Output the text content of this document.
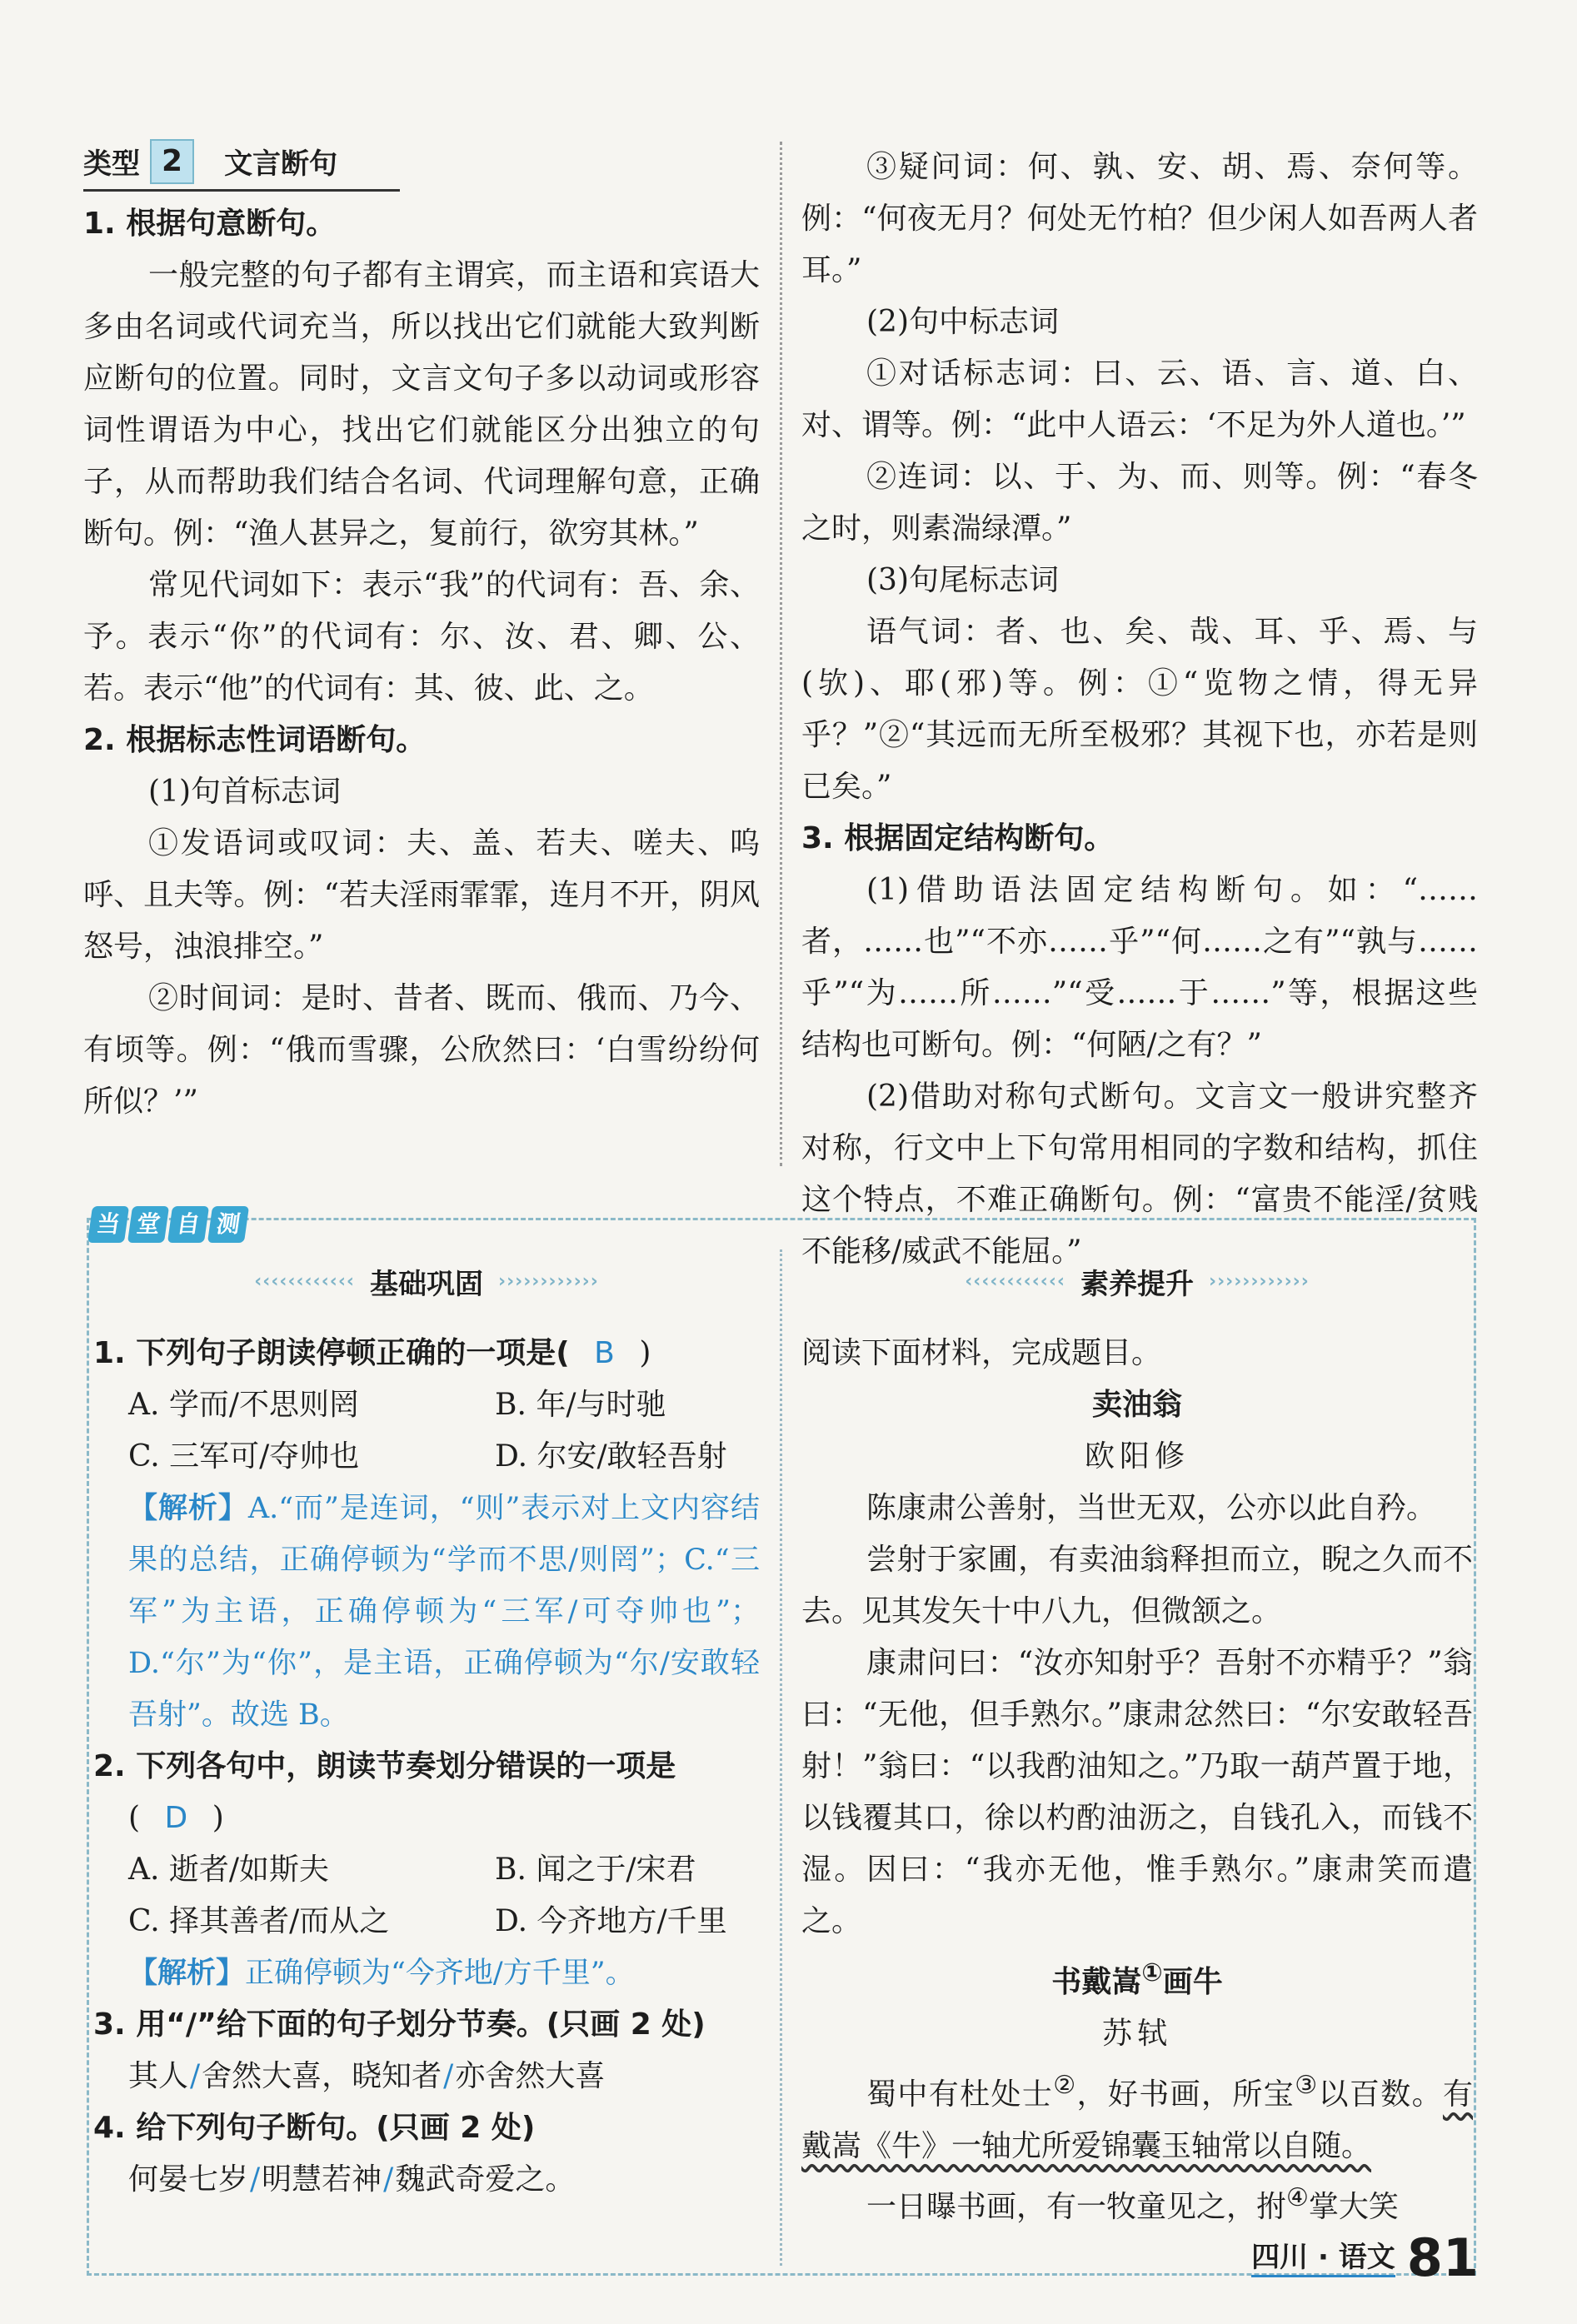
类型 2	文言断句
1. 根据句意断句。
一般完整的句子都有主谓宾，而主语和宾语大多由名词或代词充当，所以找出它们就能大致判断应断句的位置。同时，文言文句子多以动词或形容词性谓语为中心，找出它们就能区分出独立的句子，从而帮助我们结合名词、代词理解句意，正确断句。例：“渔人甚异之，复前行，欲穷其林。”
常见代词如下：表示“我”的代词有：吾、余、予。表示“你”的代词有：尔、汝、君、卿、公、若。表示“他”的代词有：其、彼、此、之。
2. 根据标志性词语断句。
(1)句首标志词
①发语词或叹词：夫、盖、若夫、嗟夫、呜呼、且夫等。例：“若夫淫雨霏霏，连月不开，阴风怒号，浊浪排空。”
②时间词：是时、昔者、既而、俄而、乃今、有顷等。例：“俄而雪骤，公欣然曰：‘白雪纷纷何所似？’”
③疑问词：何、孰、安、胡、焉、奈何等。例：“何夜无月？何处无竹柏？但少闲人如吾两人者耳。”
(2)句中标志词
①对话标志词：曰、云、语、言、道、白、对、谓等。例：“此中人语云：‘不足为外人道也。’”
②连词：以、于、为、而、则等。例：“春冬之时，则素湍绿潭。”
(3)句尾标志词
语气词：者、也、矣、哉、耳、乎、焉、与(欤)、耶(邪)等。例：①“览物之情，得无异乎？”②“其远而无所至极邪？其视下也，亦若是则已矣。”
3. 根据固定结构断句。
(1)借助语法固定结构断句。如：“……者，……也”“不亦……乎”“何……之有”“孰与……乎”“为……所……”“受……于……”等，根据这些结构也可断句。例：“何陋/之有？”
(2)借助对称句式断句。文言文一般讲究整齐对称，行文中上下句常用相同的字数和结构，抓住这个特点，不难正确断句。例：“富贵不能淫/贫贱不能移/威武不能屈。”
当 堂 自 测
‹‹‹‹‹‹‹‹‹‹‹‹ 基础巩固 ››››››››››››
1. 下列句子朗读停顿正确的一项是( B )
A. 学而/不思则罔	B. 年/与时驰
C. 三军可/夺帅也	D. 尔安/敢轻吾射
【解析】A.“而”是连词，“则”表示对上文内容结果的总结，正确停顿为“学而不思/则罔”；C.“三军”为主语，正确停顿为“三军/可夺帅也”；D.“尔”为“你”，是主语，正确停顿为“尔/安敢轻吾射”。故选 B。
2. 下列各句中，朗读节奏划分错误的一项是
( D )
A. 逝者/如斯夫	B. 闻之于/宋君
C. 择其善者/而从之	D. 今齐地方/千里
【解析】正确停顿为“今齐地/方千里”。
3. 用“/”给下面的句子划分节奏。(只画 2 处)
其人/舍然大喜，晓知者/亦舍然大喜
4. 给下列句子断句。(只画 2 处)
何晏七岁/明慧若神/魏武奇爱之。
‹‹‹‹‹‹‹‹‹‹‹‹ 素养提升 ››››››››››››
阅读下面材料，完成题目。
卖油翁
欧阳修
陈康肃公善射，当世无双，公亦以此自矜。
尝射于家圃，有卖油翁释担而立，睨之久而不去。见其发矢十中八九，但微颔之。
康肃问曰：“汝亦知射乎？吾射不亦精乎？”翁曰：“无他，但手熟尔。”康肃忿然曰：“尔安敢轻吾射！”翁曰：“以我酌油知之。”乃取一葫芦置于地，以钱覆其口，徐以杓酌油沥之，自钱孔入，而钱不湿。因曰：“我亦无他，惟手熟尔。”康肃笑而遣之。
书戴嵩①画牛
苏轼
蜀中有杜处士②，好书画，所宝③以百数。有戴嵩《牛》一轴尤所爱锦囊玉轴常以自随。
一日曝书画，有一牧童见之，拊④掌大笑
四川 · 语文 81
